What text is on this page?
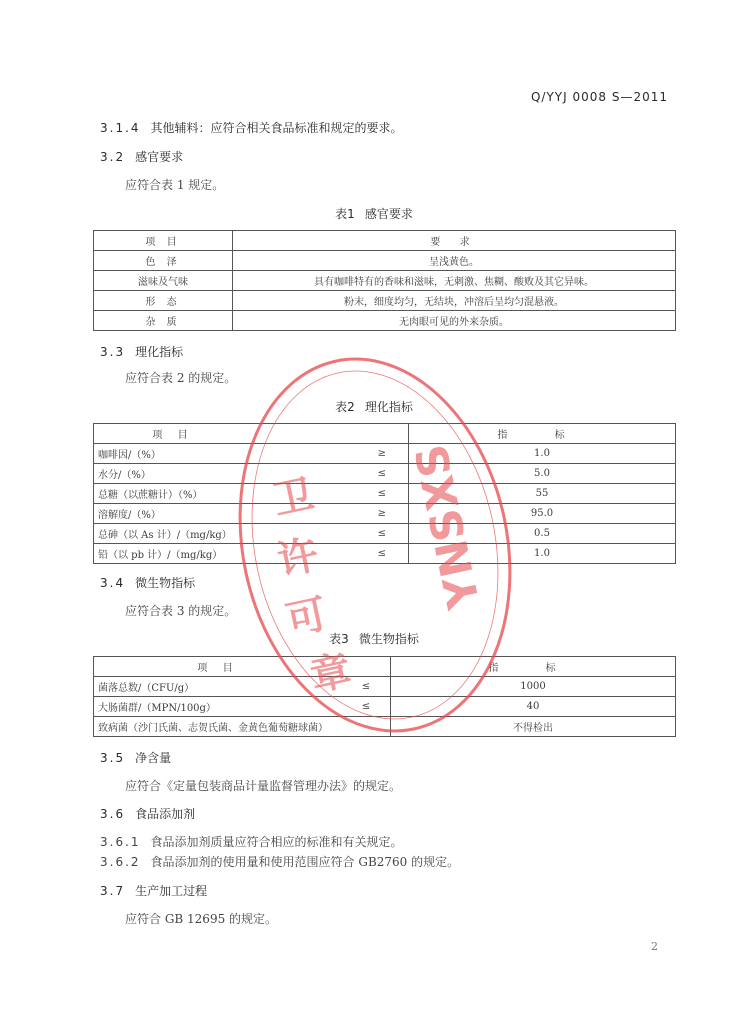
Q/YYJ 0008 S—2011
3.1.4 其他辅料：应符合相关食品标准和规定的要求。
3.2 感官要求
应符合表 1 规定。
表1 感官要求
项 目	要 求
色 泽	呈浅黄色。
滋味及气味	具有咖啡特有的香味和滋味，无刺激、焦糊、酸败及其它异味。
形 态	粉末，细度均匀，无结块，冲溶后呈均匀混悬液。
杂 质	无肉眼可见的外来杂质。
3.3 理化指标
应符合表 2 的规定。
表2 理化指标
项 目		指 标
咖啡因/（%）	≥	1.0
水分/（%）	≤	5.0
总糖（以蔗糖计）（%）	≤	55
溶解度/（%）	≥	95.0
总砷（以 As 计）/（mg/kg）	≤	0.5
铅（以 pb 计）/（mg/kg）	≤	1.0
3.4 微生物指标
应符合表 3 的规定。
表3 微生物指标
项 目		指 标
菌落总数/（CFU/g）	≤	1000
大肠菌群/（MPN/100g）	≤	40
致病菌（沙门氏菌、志贺氏菌、金黄色葡萄糖球菌）		不得检出
3.5 净含量
应符合《定量包装商品计量监督管理办法》的规定。
3.6 食品添加剂
3.6.1 食品添加剂质量应符合相应的标准和有关规定。
3.6.2 食品添加剂的使用量和使用范围应符合 GB2760 的规定。
3.7 生产加工过程
应符合 GB 12695 的规定。
2
卫
许
可
章
YNSXS
